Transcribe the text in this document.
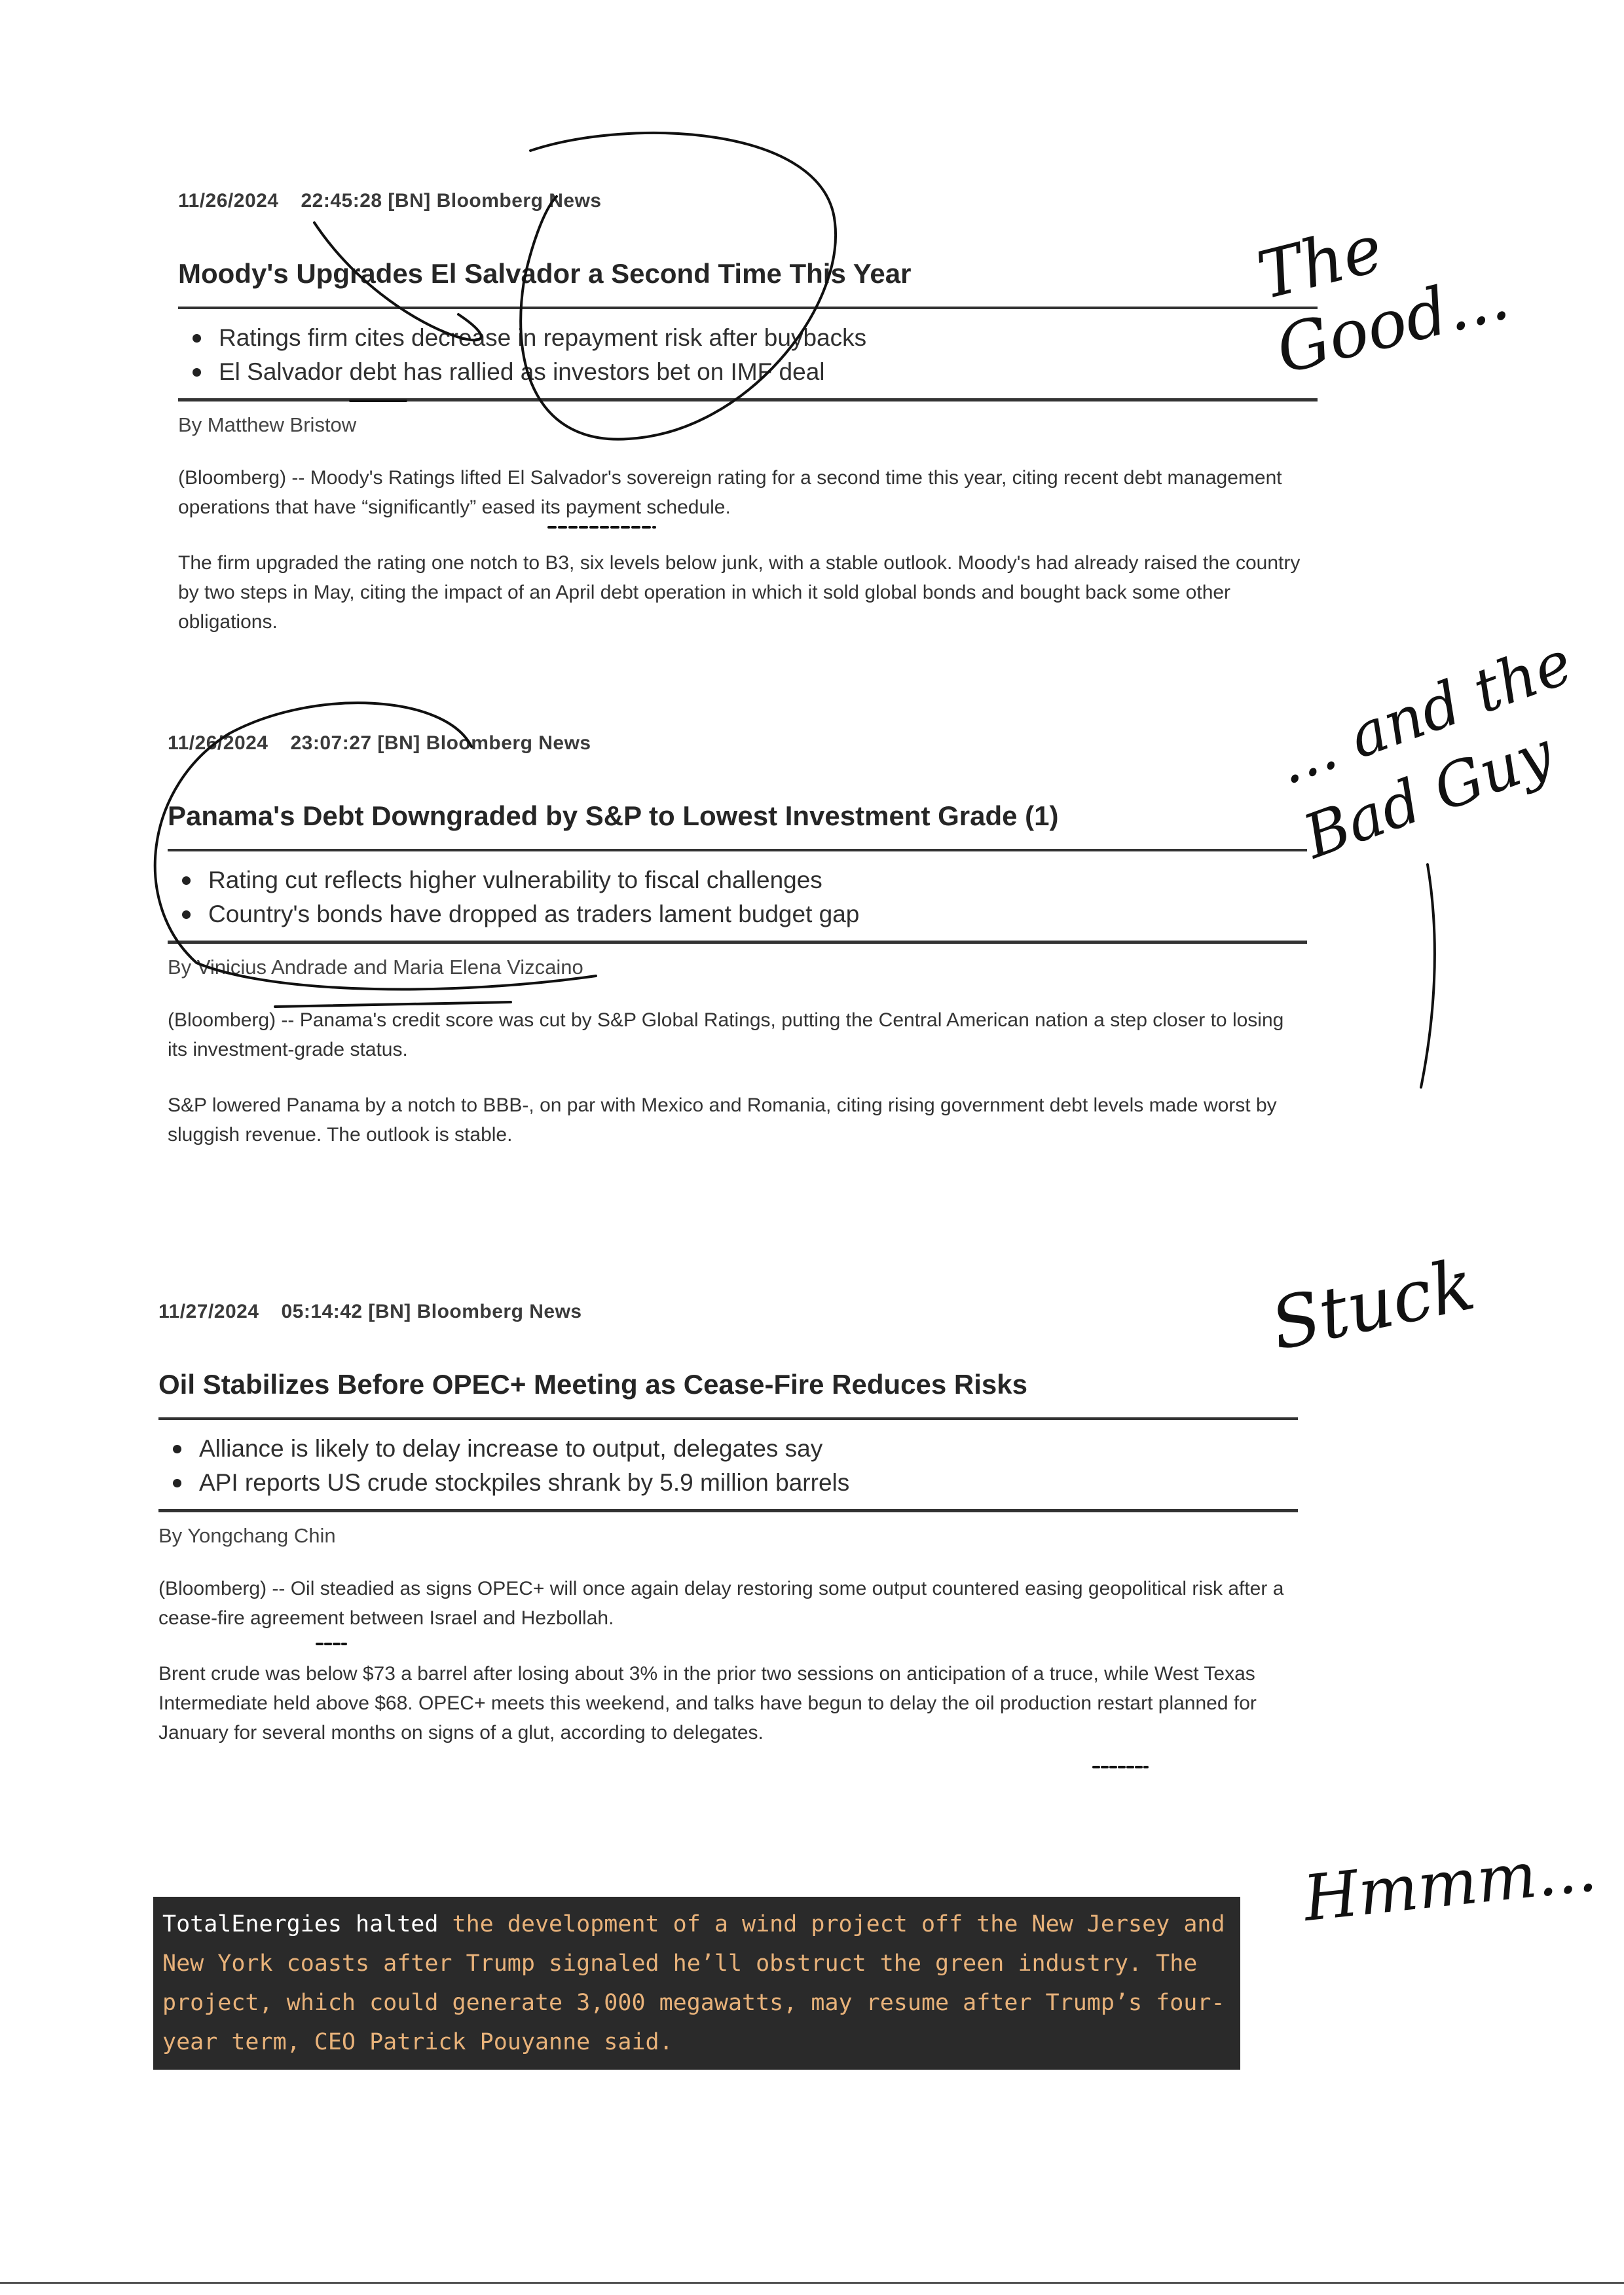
11/26/2024 22:45:28 [BN] Bloomberg News
Moody's Upgrades El Salvador a Second Time This Year
Ratings firm cites decrease in repayment risk after buybacks
El Salvador debt has rallied as investors bet on IMF deal
By Matthew Bristow
(Bloomberg) -- Moody's Ratings lifted El Salvador's sovereign rating for a second time this year, citing recent debt management operations that have “significantly” eased its payment schedule.
The firm upgraded the rating one notch to B3, six levels below junk, with a stable outlook. Moody's had already raised the country by two steps in May, citing the impact of an April debt operation in which it sold global bonds and bought back some other obligations.
11/26/2024 23:07:27 [BN] Bloomberg News
Panama's Debt Downgraded by S&P to Lowest Investment Grade (1)
Rating cut reflects higher vulnerability to fiscal challenges
Country's bonds have dropped as traders lament budget gap
By Vinicius Andrade and Maria Elena Vizcaino
(Bloomberg) -- Panama's credit score was cut by S&P Global Ratings, putting the Central American nation a step closer to losing its investment-grade status.
S&P lowered Panama by a notch to BBB-, on par with Mexico and Romania, citing rising government debt levels made worst by sluggish revenue. The outlook is stable.
11/27/2024 05:14:42 [BN] Bloomberg News
Oil Stabilizes Before OPEC+ Meeting as Cease-Fire Reduces Risks
Alliance is likely to delay increase to output, delegates say
API reports US crude stockpiles shrank by 5.9 million barrels
By Yongchang Chin
(Bloomberg) -- Oil steadied as signs OPEC+ will once again delay restoring some output countered easing geopolitical risk after a cease-fire agreement between Israel and Hezbollah.
Brent crude was below $73 a barrel after losing about 3% in the prior two sessions on anticipation of a truce, while West Texas Intermediate held above $68. OPEC+ meets this weekend, and talks have begun to delay the oil production restart planned for January for several months on signs of a glut, according to delegates.
TotalEnergies halted the development of a wind project off the New Jersey and New York coasts after Trump signaled he’ll obstruct the green industry. The project, which could generate 3,000 megawatts, may resume after Trump’s four-year term, CEO Patrick Pouyanne said.
The Good...
... and the Bad Guy
Stuck
Hmmm...
